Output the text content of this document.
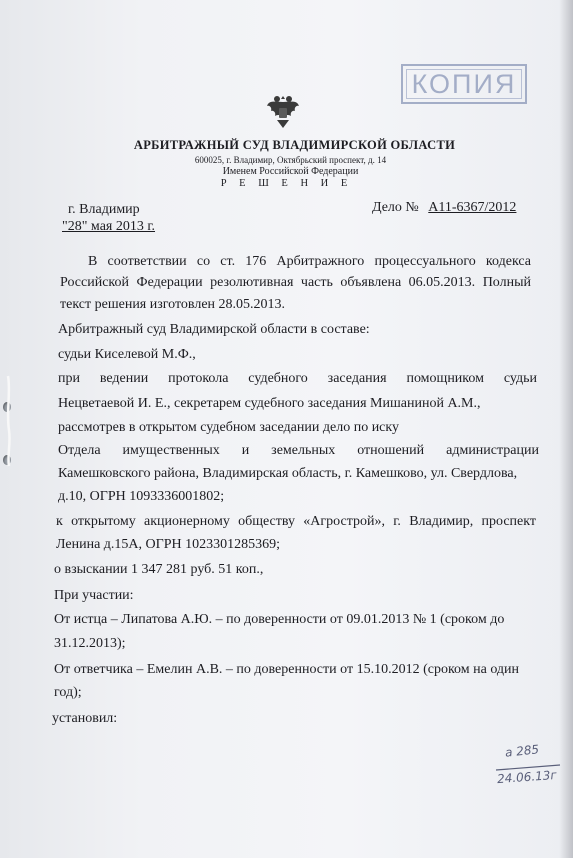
КОПИЯ
АРБИТРАЖНЫЙ СУД ВЛАДИМИРСКОЙ ОБЛАСТИ
600025, г. Владимир, Октябрьский проспект, д. 14
Именем Российской Федерации
Р Е Ш Е Н И Е
г. Владимир
"28" мая 2013 г.
Дело № А11-6367/2012
В соответствии со ст. 176 Арбитражного процессуального кодекса
Российской Федерации резолютивная часть объявлена 06.05.2013. Полный
текст решения изготовлен 28.05.2013.
Арбитражный суд Владимирской области в составе:
судьи Киселевой М.Ф.,
при ведении протокола судебного заседания помощником судьи
Нецветаевой И. Е., секретарем судебного заседания Мишаниной А.М.,
рассмотрев в открытом судебном заседании дело по иску
Отдела имущественных и земельных отношений администрации
Камешковского района, Владимирская область, г. Камешково, ул. Свердлова,
д.10, ОГРН 1093336001802;
к открытому акционерному обществу «Агрострой», г. Владимир, проспект
Ленина д.15А, ОГРН 1023301285369;
о взыскании 1 347 281 руб. 51 коп.,
При участии:
От истца – Липатова А.Ю. – по доверенности от 09.01.2013 № 1 (сроком до
31.12.2013);
От ответчика – Емелин А.В. – по доверенности от 15.10.2012 (сроком на один
год);
установил:
а 285
24.06.13г
